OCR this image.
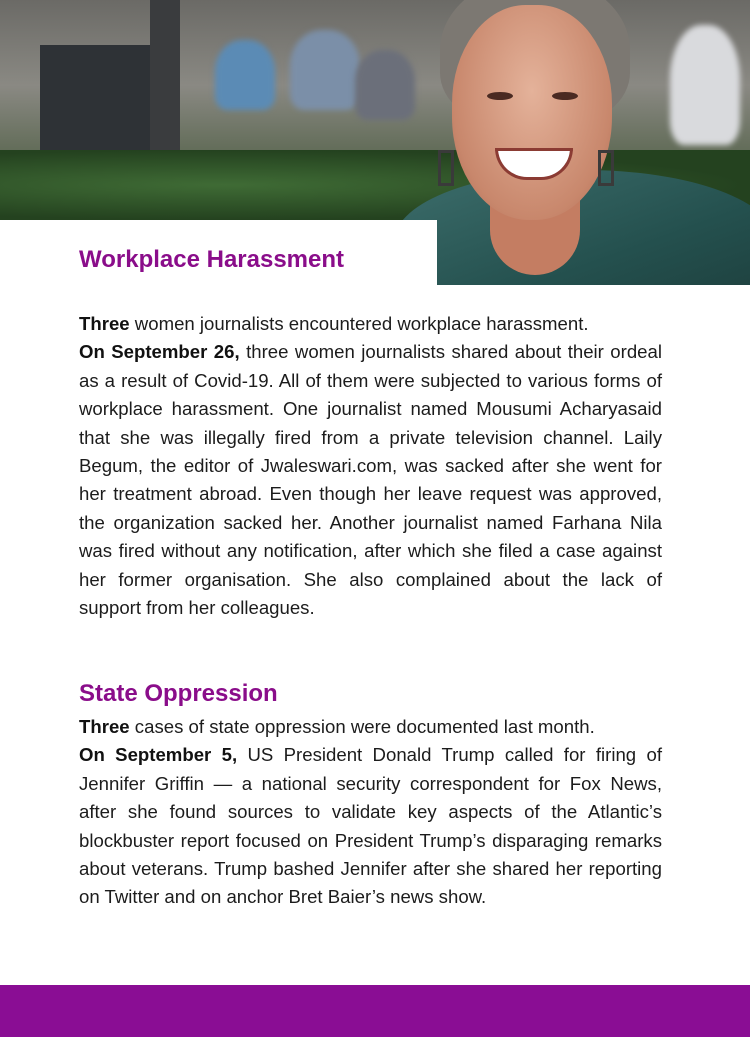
Workplace Harassment

Three women journalists encountered workplace harassment.

On September 26, three women journalists shared about their ordeal as a result of Covid-19. All of them were subjected to various forms of workplace harassment. One journalist named Mousumi Acharyasaid that she was illegally fired from a private television channel. Laily Begum, the editor of Jwaleswari.com, was sacked after she went for her treatment abroad. Even though her leave request was approved, the organization sacked her. Another journalist named Farhana Nila was fired without any notification, after which she filed a case against her former organisation. She also complained about the lack of support from her colleagues.

State Oppression

Three cases of state oppression were documented last month.

On September 5, US President Donald Trump called for firing of Jennifer Griffin — a national security correspondent for Fox News, after she found sources to validate key aspects of the Atlantic’s blockbuster report focused on President Trump’s disparaging remarks about veterans. Trump bashed Jennifer after she shared her reporting on Twitter and on anchor Bret Baier’s news show.
